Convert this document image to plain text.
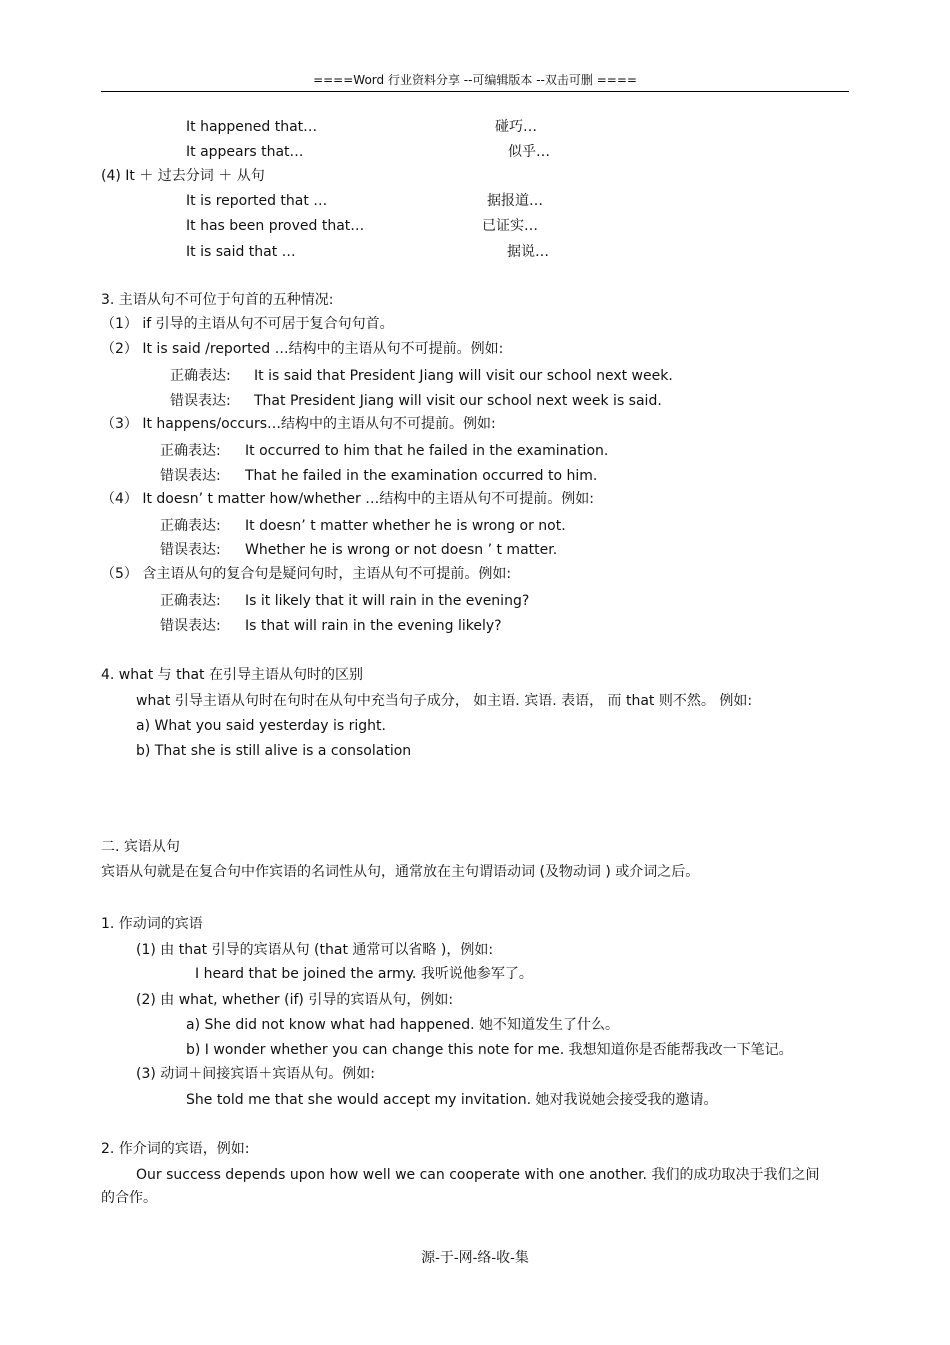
====Word 行业资料分享 --可编辑版本 --双击可删 ====
It happened that…	碰巧…
It appears that…	似乎…
(4) It ＋ 过去分词 ＋ 从句
It is reported that …	据报道…
It has been proved that…	已证实…
It is said that …	据说…
3. 主语从句不可位于句首的五种情况:
（1） if 引导的主语从句不可居于复合句句首。
（2） It is said /reported …结构中的主语从句不可提前。例如:
正确表达: It is said that President Jiang will visit our school next week.
错误表达: That President Jiang will visit our school next week is said.
（3） It happens/occurs…结构中的主语从句不可提前。例如:
正确表达: It occurred to him that he failed in the examination.
错误表达: That he failed in the examination occurred to him.
（4） It doesn’ t matter how/whether …结构中的主语从句不可提前。例如:
正确表达: It doesn’ t matter whether he is wrong or not.
错误表达: Whether he is wrong or not doesn ’ t matter.
（5） 含主语从句的复合句是疑问句时，主语从句不可提前。例如:
正确表达: Is it likely that it will rain in the evening?
错误表达: Is that will rain in the evening likely?
4. what 与 that 在引导主语从句时的区别
what 引导主语从句时在句时在从句中充当句子成分， 如主语. 宾语. 表语， 而 that 则不然。 例如:
a) What you said yesterday is right.
b) That she is still alive is a consolation
二. 宾语从句
宾语从句就是在复合句中作宾语的名词性从句，通常放在主句谓语动词 (及物动词 ) 或介词之后。
1. 作动词的宾语
(1) 由 that 引导的宾语从句 (that 通常可以省略 )，例如:
I heard that be joined the army. 我听说他参军了。
(2) 由 what, whether (if) 引导的宾语从句，例如:
a) She did not know what had happened. 她不知道发生了什么。
b) I wonder whether you can change this note for me. 我想知道你是否能帮我改一下笔记。
(3) 动词＋间接宾语＋宾语从句。例如:
She told me that she would accept my invitation. 她对我说她会接受我的邀请。
2. 作介词的宾语，例如:
Our success depends upon how well we can cooperate with one another. 我们的成功取决于我们之间
的合作。
源-于-网-络-收-集
